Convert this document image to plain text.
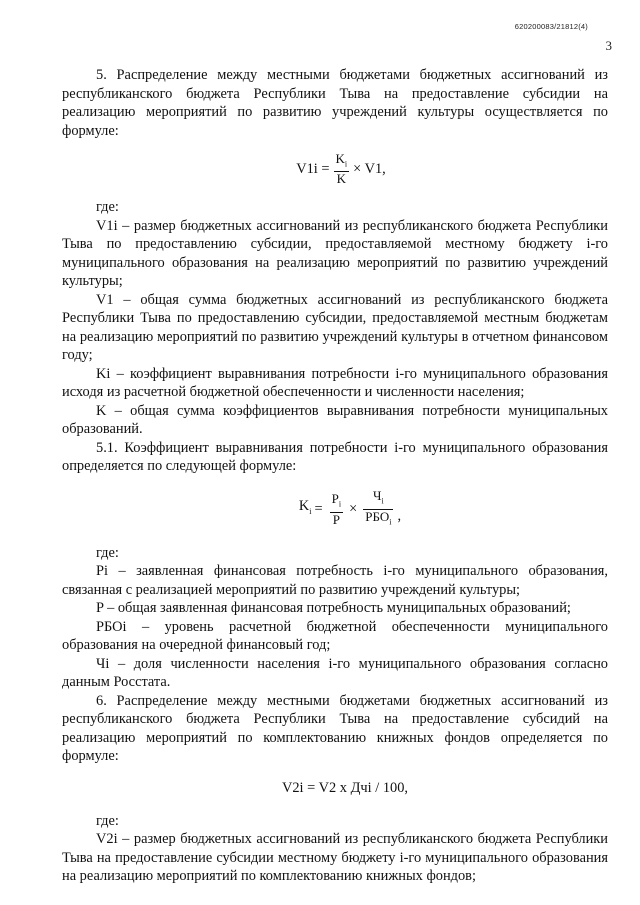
620200083/21812(4)
3

5. Распределение между местными бюджетами бюджетных ассигнований из республиканского бюджета Республики Тыва на предоставление субсидии на реализацию мероприятий по развитию учреждений культуры осуществляется по формуле:

$V1i = \frac{K_i}{K} \times V1$,

где:

V1i – размер бюджетных ассигнований из республиканского бюджета Республики Тыва по предоставлению субсидии, предоставляемой местному бюджету i-го муниципального образования на реализацию мероприятий по развитию учреждений культуры;

V1 – общая сумма бюджетных ассигнований из республиканского бюджета Республики Тыва по предоставлению субсидии, предоставляемой местным бюджетам на реализацию мероприятий по развитию учреждений культуры в отчетном финансовом году;

Ki – коэффициент выравнивания потребности i-го муниципального образования исходя из расчетной бюджетной обеспеченности и численности населения;

K – общая сумма коэффициентов выравнивания потребности муниципальных образований.

5.1. Коэффициент выравнивания потребности i-го муниципального образования определяется по следующей формуле:

$K_i = \frac{P_i}{P} \times \frac{Ч_i}{РБО_i}$ ,

где:

Pi – заявленная финансовая потребность i-го муниципального образования, связанная с реализацией мероприятий по развитию учреждений культуры;

P – общая заявленная финансовая потребность муниципальных образований;

РБОi – уровень расчетной бюджетной обеспеченности муниципального образования на очередной финансовый год;

Чi – доля численности населения i-го муниципального образования согласно данным Росстата.

6. Распределение между местными бюджетами бюджетных ассигнований из республиканского бюджета Республики Тыва на предоставление субсидий на реализацию мероприятий по комплектованию книжных фондов определяется по формуле:

V2i = V2 х Дчi / 100,

где:

V2i – размер бюджетных ассигнований из республиканского бюджета Республики Тыва на предоставление субсидии местному бюджету i-го муниципального образования на реализацию мероприятий по комплектованию книжных фондов;
